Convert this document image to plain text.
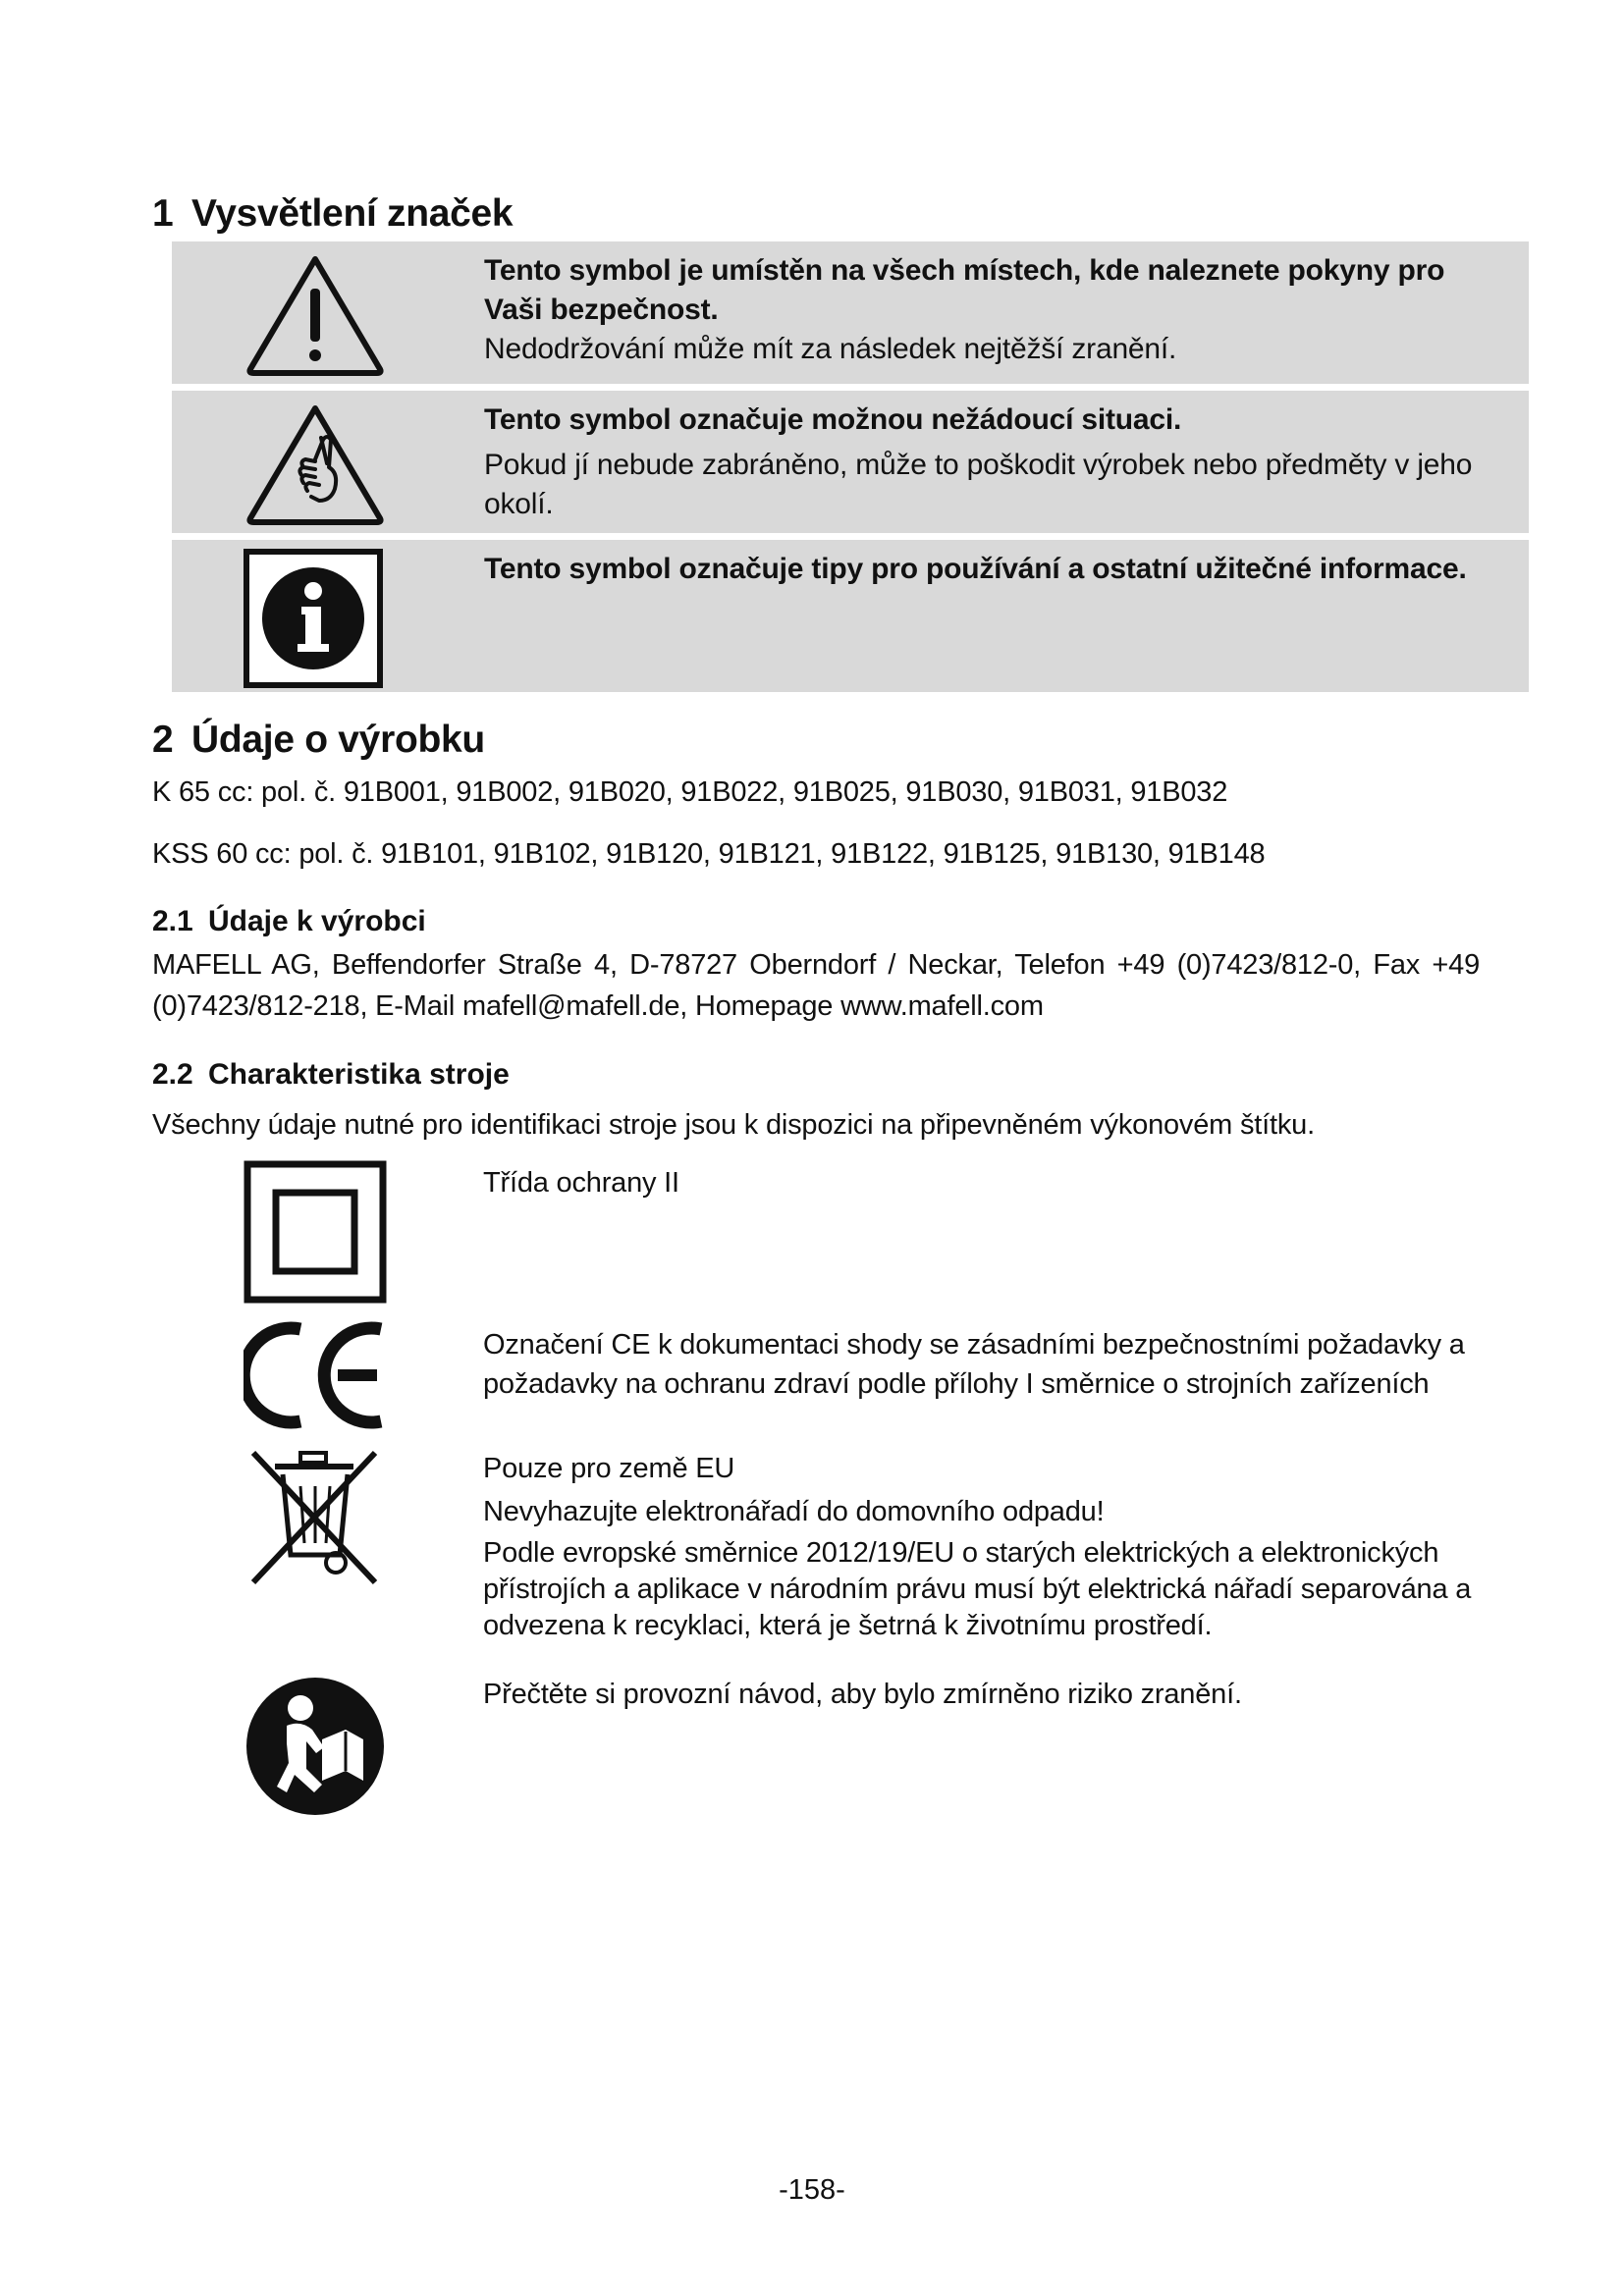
1 Vysvětlení značek
Tento symbol je umístěn na všech místech, kde naleznete pokyny pro Vaši bezpečnost.
Nedodržování může mít za následek nejtěžší zranění.
Tento symbol označuje možnou nežádoucí situaci.
Pokud jí nebude zabráněno, může to poškodit výrobek nebo předměty v jeho okolí.
Tento symbol označuje tipy pro používání a ostatní užitečné informace.
2 Údaje o výrobku
K 65 cc: pol. č. 91B001, 91B002, 91B020, 91B022, 91B025, 91B030, 91B031, 91B032
KSS 60 cc: pol. č. 91B101, 91B102, 91B120, 91B121, 91B122, 91B125, 91B130, 91B148
2.1 Údaje k výrobci
MAFELL AG, Beffendorfer Straße 4, D-78727 Oberndorf / Neckar, Telefon +49 (0)7423/812-0, Fax +49 (0)7423/812-218, E-Mail mafell@mafell.de, Homepage www.mafell.com
2.2 Charakteristika stroje
Všechny údaje nutné pro identifikaci stroje jsou k dispozici na připevněném výkonovém štítku.
Třída ochrany II
Označení CE k dokumentaci shody se zásadními bezpečnostními požadavky a požadavky na ochranu zdraví podle přílohy I směrnice o strojních zařízeních
Pouze pro země EU
Nevyhazujte elektronářadí do domovního odpadu!
Podle evropské směrnice 2012/19/EU o starých elektrických a elektronických přístrojích a aplikace v národním právu musí být elektrická nářadí separována a odvezena k recyklaci, která je šetrná k životnímu prostředí.
Přečtěte si provozní návod, aby bylo zmírněno riziko zranění.
-158-
